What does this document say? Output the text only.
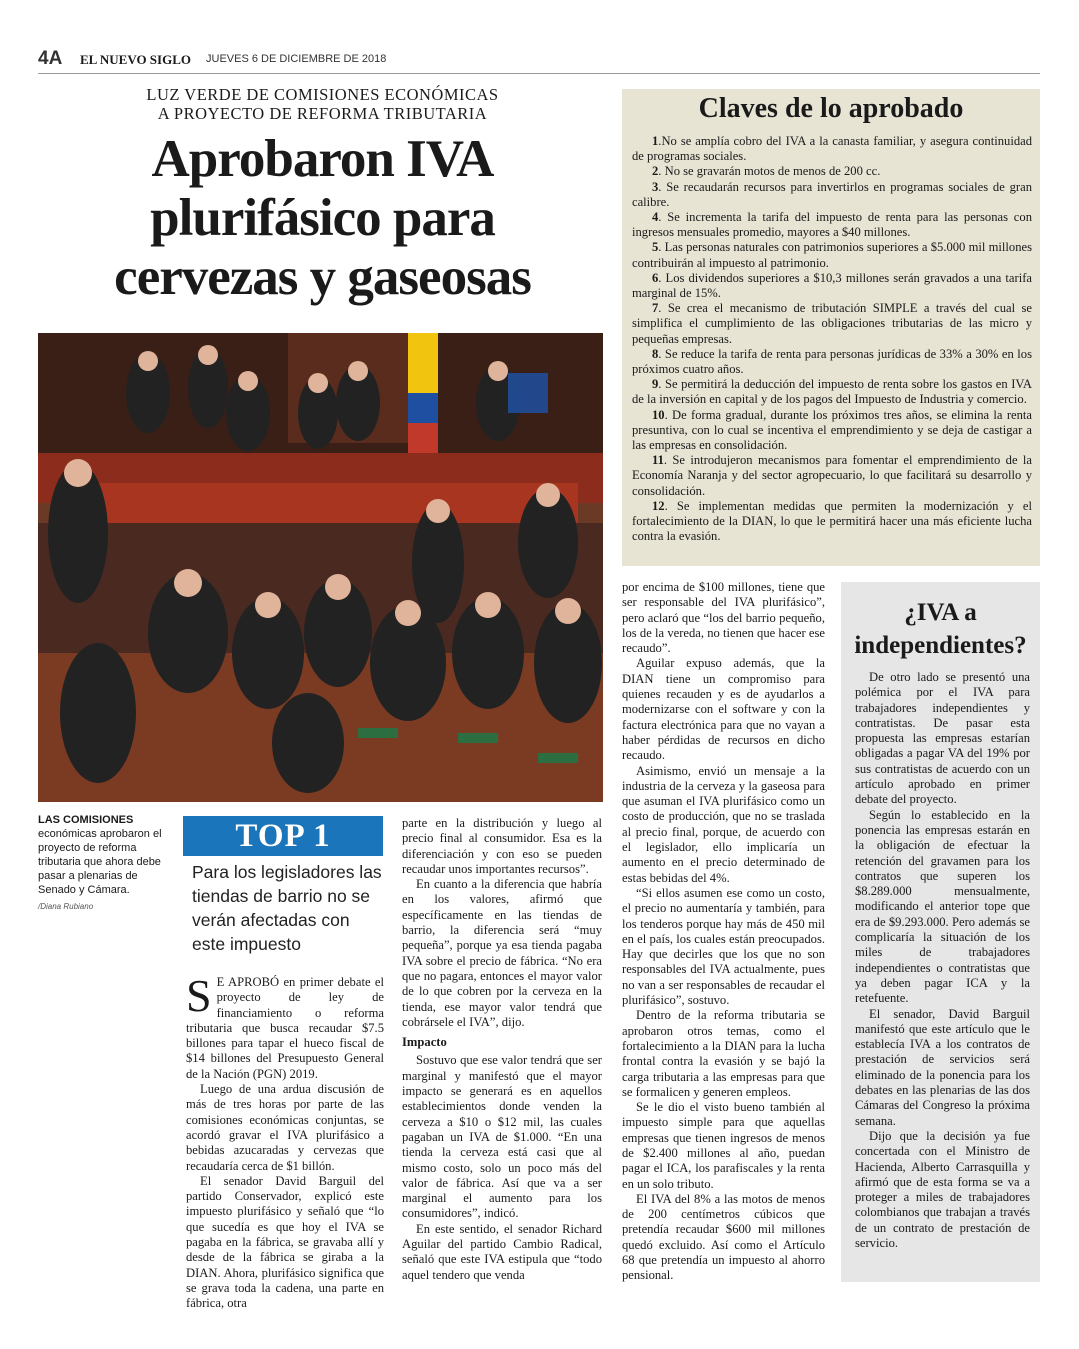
4A EL NUEVO SIGLO JUEVES 6 DE DICIEMBRE DE 2018
LUZ VERDE DE COMISIONES ECONÓMICAS
A PROYECTO DE REFORMA TRIBUTARIA
Aprobaron IVA
plurifásico para
cervezas y gaseosas
LAS COMISIONES
económicas aprobaron el proyecto de reforma tributaria que ahora debe pasar a plenarias de Senado y Cámara.
/Diana Rubiano
TOP 1
Para los legisladores las tiendas de barrio no se verán afectadas con este impuesto

S E APROBÓ en primer debate el proyecto de ley de financiamiento o reforma tributaria que busca recaudar $7.5 billones para tapar el hueco fiscal de $14 billones del Presupuesto General de la Nación (PGN) 2019.

Luego de una ardua discusión de más de tres horas por parte de las comisiones económicas conjuntas, se acordó gravar el IVA plurifásico a bebidas azucaradas y cervezas que recaudaría cerca de $1 billón.

El senador David Barguil del partido Conservador, explicó este impuesto plurifásico y señaló que “lo que sucedía es que hoy el IVA se pagaba en la fábrica, se gravaba allí y desde de la fábrica se giraba a la DIAN. Ahora, plurifásico significa que se grava toda la cadena, una parte en fábrica, otra

parte en la distribución y luego al precio final al consumidor. Esa es la diferenciación y con eso se pueden recaudar unos importantes recursos”.

En cuanto a la diferencia que habría en los valores, afirmó que específicamente en las tiendas de barrio, la diferencia será “muy pequeña”, porque ya esa tienda pagaba IVA sobre el precio de fábrica. “No era que no pagara, entonces el mayor valor de lo que cobren por la cerveza en la tienda, ese mayor valor tendrá que cobrársele el IVA”, dijo.

Impacto

Sostuvo que ese valor tendrá que ser marginal y manifestó que el mayor impacto se generará es en aquellos establecimientos donde venden la cerveza a $10 o $12 mil, las cuales pagaban un IVA de $1.000. “En una tienda la cerveza está casi que al mismo costo, solo un poco más del valor de fábrica. Así que va a ser marginal el aumento para los consumidores”, indicó.

En este sentido, el senador Richard Aguilar del partido Cambio Radical, señaló que este IVA estipula que “todo aquel tendero que venda

por encima de $100 millones, tiene que ser responsable del IVA plurifásico”, pero aclaró que “los del barrio pequeño, los de la vereda, no tienen que hacer ese recaudo”.

Aguilar expuso además, que la DIAN tiene un compromiso para quienes recauden y es de ayudarlos a modernizarse con el software y con la factura electrónica para que no vayan a haber pérdidas de recursos en dicho recaudo.

Asimismo, envió un mensaje a la industria de la cerveza y la gaseosa para que asuman el IVA plurifásico como un costo de producción, que no se traslada al precio final, porque, de acuerdo con el legislador, ello implicaría un aumento en el precio determinado de estas bebidas del 4%.

“Si ellos asumen ese como un costo, el precio no aumentaría y también, para los tenderos porque hay más de 450 mil en el país, los cuales están preocupados. Hay que decirles que los que no son responsables del IVA actualmente, pues no van a ser responsables de recaudar el plurifásico”, sostuvo.

Dentro de la reforma tributaria se aprobaron otros temas, como el fortalecimiento a la DIAN para la lucha frontal contra la evasión y se bajó la carga tributaria a las empresas para que se formalicen y generen empleos.

Se le dio el visto bueno también al impuesto simple para que aquellas empresas que tienen ingresos de menos de $2.400 millones al año, puedan pagar el ICA, los parafiscales y la renta en un solo tributo.

El IVA del 8% a las motos de menos de 200 centímetros cúbicos que pretendía recaudar $600 mil millones quedó excluido. Así como el Artículo 68 que pretendía un impuesto al ahorro pensional.

Claves de lo aprobado

1.No se amplía cobro del IVA a la canasta familiar, y asegura continuidad de programas sociales.

2. No se gravarán motos de menos de 200 cc.

3. Se recaudarán recursos para invertirlos en programas sociales de gran calibre.

4. Se incrementa la tarifa del impuesto de renta para las personas con ingresos mensuales promedio, mayores a $40 millones.

5. Las personas naturales con patrimonios superiores a $5.000 mil millones contribuirán al impuesto al patrimonio.

6. Los dividendos superiores a $10,3 millones serán gravados a una tarifa marginal de 15%.

7. Se crea el mecanismo de tributación SIMPLE a través del cual se simplifica el cumplimiento de las obligaciones tributarias de las micro y pequeñas empresas.

8. Se reduce la tarifa de renta para personas jurídicas de 33% a 30% en los próximos cuatro años.

9. Se permitirá la deducción del impuesto de renta sobre los gastos en IVA de la inversión en capital y de los pagos del Impuesto de Industria y comercio.

10. De forma gradual, durante los próximos tres años, se elimina la renta presuntiva, con lo cual se incentiva el emprendimiento y se deja de castigar a las empresas en consolidación.

11. Se introdujeron mecanismos para fomentar el emprendimiento de la Economía Naranja y del sector agropecuario, lo que facilitará su desarrollo y consolidación.

12. Se implementan medidas que permiten la modernización y el fortalecimiento de la DIAN, lo que le permitirá hacer una más eficiente lucha contra la evasión.

¿IVA a
independientes?

De otro lado se presentó una polémica por el IVA para trabajadores independientes y contratistas. De pasar esta propuesta las empresas estarían obligadas a pagar VA del 19% por sus contratistas de acuerdo con un artículo aprobado en primer debate del proyecto.

Según lo establecido en la ponencia las empresas estarán en la obligación de efectuar la retención del gravamen para los contratos que superen los $8.289.000 mensualmente, modificando el anterior tope que era de $9.293.000. Pero además se complicaría la situación de los miles de trabajadores independientes o contratistas que ya deben pagar ICA y la retefuente.

El senador, David Barguil manifestó que este artículo que le establecía IVA a los contratos de prestación de servicios será eliminado de la ponencia para los debates en las plenarias de las dos Cámaras del Congreso la próxima semana.

Dijo que la decisión ya fue concertada con el Ministro de Hacienda, Alberto Carrasquilla y afirmó que de esta forma se va a proteger a miles de trabajadores colombianos que trabajan a través de un contrato de prestación de servicio.
